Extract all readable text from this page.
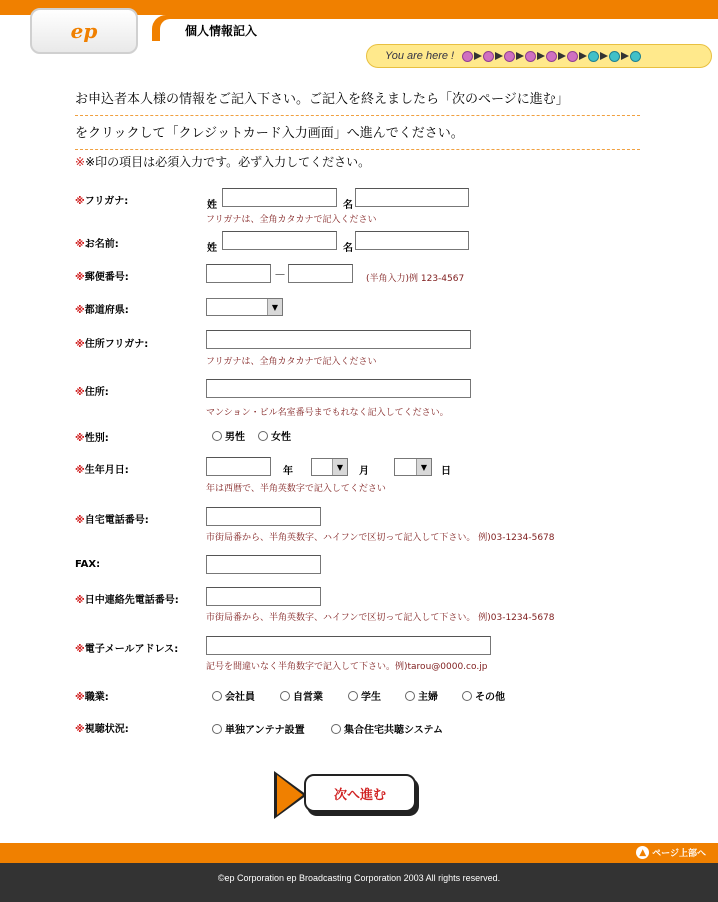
ep	個人情報記入
You are here !
お申込者本人様の情報をご記入下さい。ご記入を終えましたら「次のページに進む」
をクリックして「クレジットカード入力画面」へ進んでください。
※※印の項目は必須入力です。必ず入力してください。
※フリガナ:	姓	名
フリガナは、全角カタカナで記入ください
※お名前:	姓	名
※郵便番号:	－	(半角入力)例 123-4567
※都道府県:	▼
※住所フリガナ:
フリガナは、全角カタカナで記入ください
※住所:
マンション・ビル名室番号までもれなく記入してください。
※性別:	男性	女性
※生年月日:	年	▼	月	▼	日
年は西暦で、半角英数字で記入してください
※自宅電話番号:
市街局番から、半角英数字、ハイフンで区切って記入して下さい。 例)03-1234-5678
FAX:
※日中連絡先電話番号:
市街局番から、半角英数字、ハイフンで区切って記入して下さい。 例)03-1234-5678
※電子メールアドレス:
記号を間違いなく半角数字で記入して下さい。例)tarou@0000.co.jp
※職業:	会社員	自営業	学生	主婦	その他
※視聴状況:	単独アンテナ設置	集合住宅共聴システム
次へ進む
▲ ページ上部へ
©ep Corporation ep Broadcasting Corporation 2003 All rights reserved.
